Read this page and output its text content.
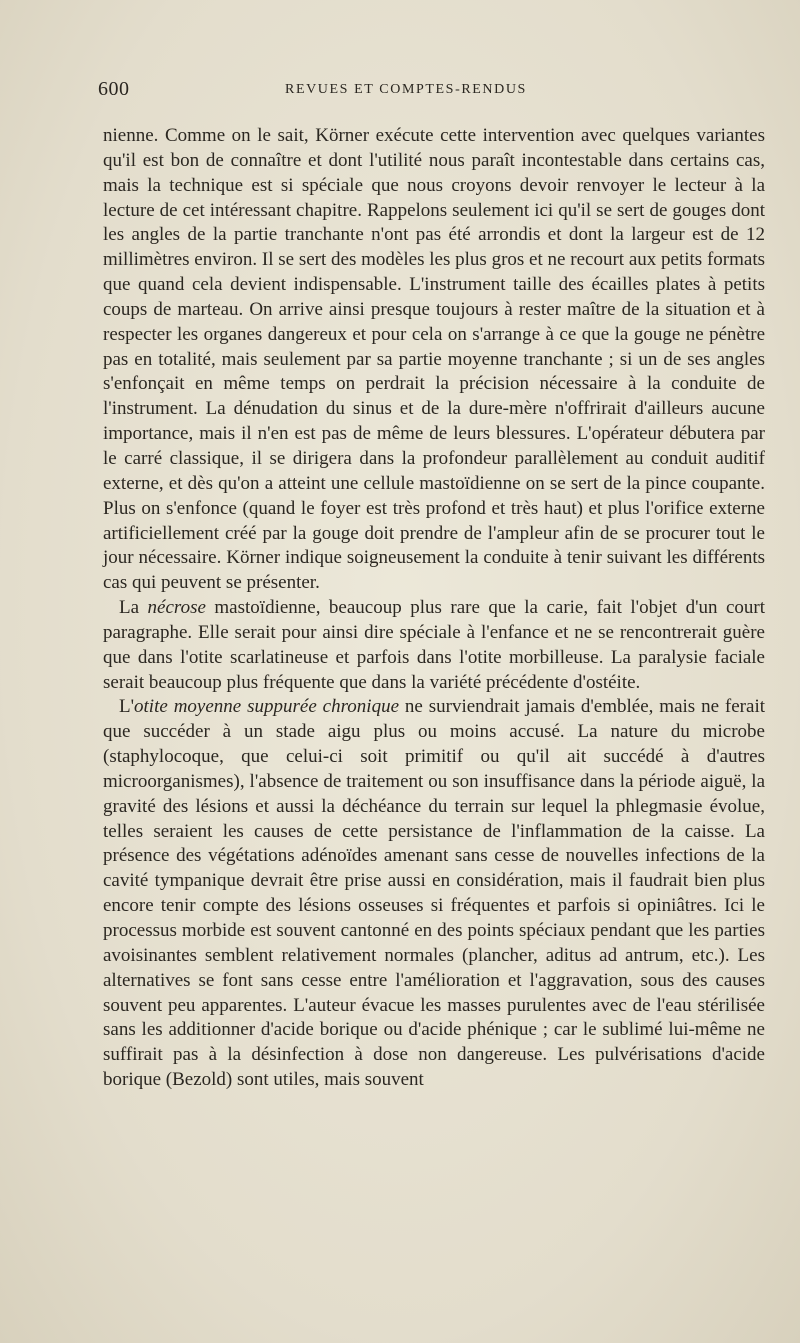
600	REVUES ET COMPTES-RENDUS

nienne. Comme on le sait, Körner exécute cette intervention avec quelques variantes qu'il est bon de connaître et dont l'utilité nous paraît incontestable dans certains cas, mais la technique est si spéciale que nous croyons devoir renvoyer le lecteur à la lecture de cet intéressant chapitre. Rappelons seulement ici qu'il se sert de gouges dont les angles de la partie tranchante n'ont pas été arrondis et dont la largeur est de 12 millimètres environ. Il se sert des modèles les plus gros et ne recourt aux petits formats que quand cela devient indispensable. L'instrument taille des écailles plates à petits coups de marteau. On arrive ainsi presque toujours à rester maître de la situation et à respecter les organes dangereux et pour cela on s'arrange à ce que la gouge ne pénètre pas en totalité, mais seulement par sa partie moyenne tranchante ; si un de ses angles s'enfonçait en même temps on perdrait la précision nécessaire à la conduite de l'instrument. La dénudation du sinus et de la dure-mère n'offrirait d'ailleurs aucune importance, mais il n'en est pas de même de leurs blessures. L'opérateur débutera par le carré classique, il se dirigera dans la profondeur parallèlement au conduit auditif externe, et dès qu'on a atteint une cellule mastoïdienne on se sert de la pince coupante. Plus on s'enfonce (quand le foyer est très profond et très haut) et plus l'orifice externe artificiellement créé par la gouge doit prendre de l'ampleur afin de se procurer tout le jour nécessaire. Körner indique soigneusement la conduite à tenir suivant les différents cas qui peuvent se présenter.

La nécrose mastoïdienne, beaucoup plus rare que la carie, fait l'objet d'un court paragraphe. Elle serait pour ainsi dire spéciale à l'enfance et ne se rencontrerait guère que dans l'otite scarlatineuse et parfois dans l'otite morbilleuse. La paralysie faciale serait beaucoup plus fréquente que dans la variété précédente d'ostéite.

L'otite moyenne suppurée chronique ne surviendrait jamais d'emblée, mais ne ferait que succéder à un stade aigu plus ou moins accusé. La nature du microbe (staphylocoque, que celui-ci soit primitif ou qu'il ait succédé à d'autres microorganismes), l'absence de traitement ou son insuffisance dans la période aiguë, la gravité des lésions et aussi la déchéance du terrain sur lequel la phlegmasie évolue, telles seraient les causes de cette persistance de l'inflammation de la caisse. La présence des végétations adénoïdes amenant sans cesse de nouvelles infections de la cavité tympanique devrait être prise aussi en considération, mais il faudrait bien plus encore tenir compte des lésions osseuses si fréquentes et parfois si opiniâtres. Ici le processus morbide est souvent cantonné en des points spéciaux pendant que les parties avoisinantes semblent relativement normales (plancher, aditus ad antrum, etc.). Les alternatives se font sans cesse entre l'amélioration et l'aggravation, sous des causes souvent peu apparentes. L'auteur évacue les masses purulentes avec de l'eau stérilisée sans les additionner d'acide borique ou d'acide phénique ; car le sublimé lui-même ne suffirait pas à la désinfection à dose non dangereuse. Les pulvérisations d'acide borique (Bezold) sont utiles, mais souvent
